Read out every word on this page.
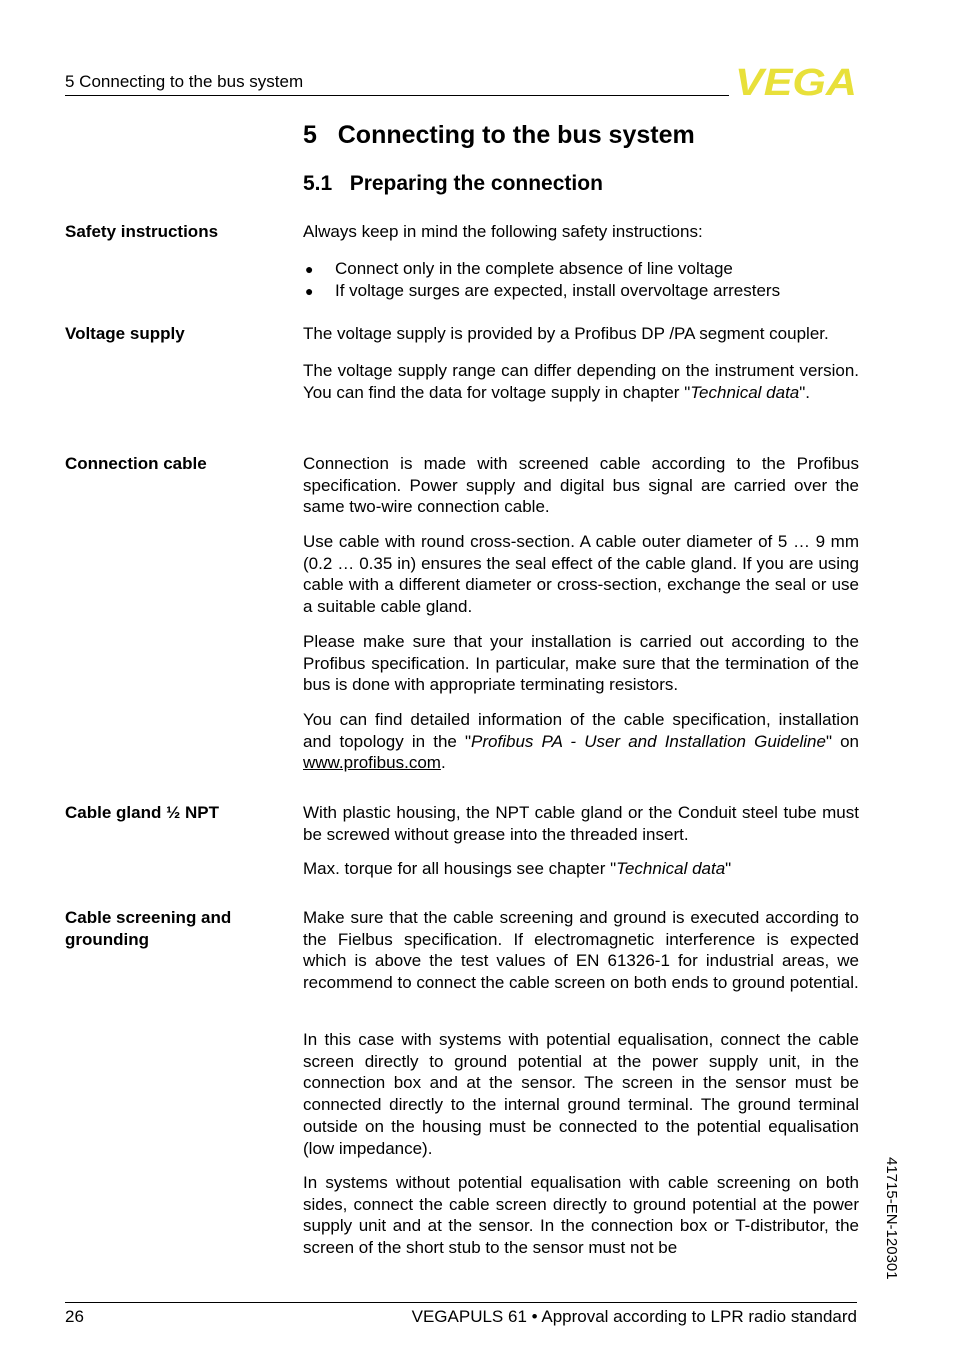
5 Connecting to the bus system	VEGA
5   Connecting to the bus system
5.1   Preparing the connection
Safety instructions	Always keep in mind the following safety instructions:
● Connect only in the complete absence of line voltage
● If voltage surges are expected, install overvoltage arresters
Voltage supply	The voltage supply is provided by a Profibus DP /PA segment coupler.
The voltage supply range can differ depending on the instrument version. You can find the data for voltage supply in chapter "Technical data".
Connection cable	Connection is made with screened cable according to the Profibus specification. Power supply and digital bus signal are carried over the same two-wire connection cable.
Use cable with round cross-section. A cable outer diameter of 5 … 9 mm (0.2 … 0.35 in) ensures the seal effect of the cable gland. If you are using cable with a different diameter or cross-section, exchange the seal or use a suitable cable gland.
Please make sure that your installation is carried out according to the Profibus specification. In particular, make sure that the termination of the bus is done with appropriate terminating resistors.
You can find detailed information of the cable specification, installation and topology in the "Profibus PA - User and Installation Guideline" on www.profibus.com.
Cable gland ½ NPT	With plastic housing, the NPT cable gland or the Conduit steel tube must be screwed without grease into the threaded insert.
Max. torque for all housings see chapter "Technical data"
Cable screening and grounding
Make sure that the cable screening and ground is executed according to the Fielbus specification. If electromagnetic interference is expected which is above the test values of EN 61326-1 for industrial areas, we recommend to connect the cable screen on both ends to ground potential.
In this case with systems with potential equalisation, connect the cable screen directly to ground potential at the power supply unit, in the connection box and at the sensor. The screen in the sensor must be connected directly to the internal ground terminal. The ground terminal outside on the housing must be connected to the potential equalisation (low impedance).
In systems without potential equalisation with cable screening on both sides, connect the cable screen directly to ground potential at the power supply unit and at the sensor. In the connection box or T-distributor, the screen of the short stub to the sensor must not be	41715-EN-120301
26	VEGAPULS 61 • Approval according to LPR radio standard
